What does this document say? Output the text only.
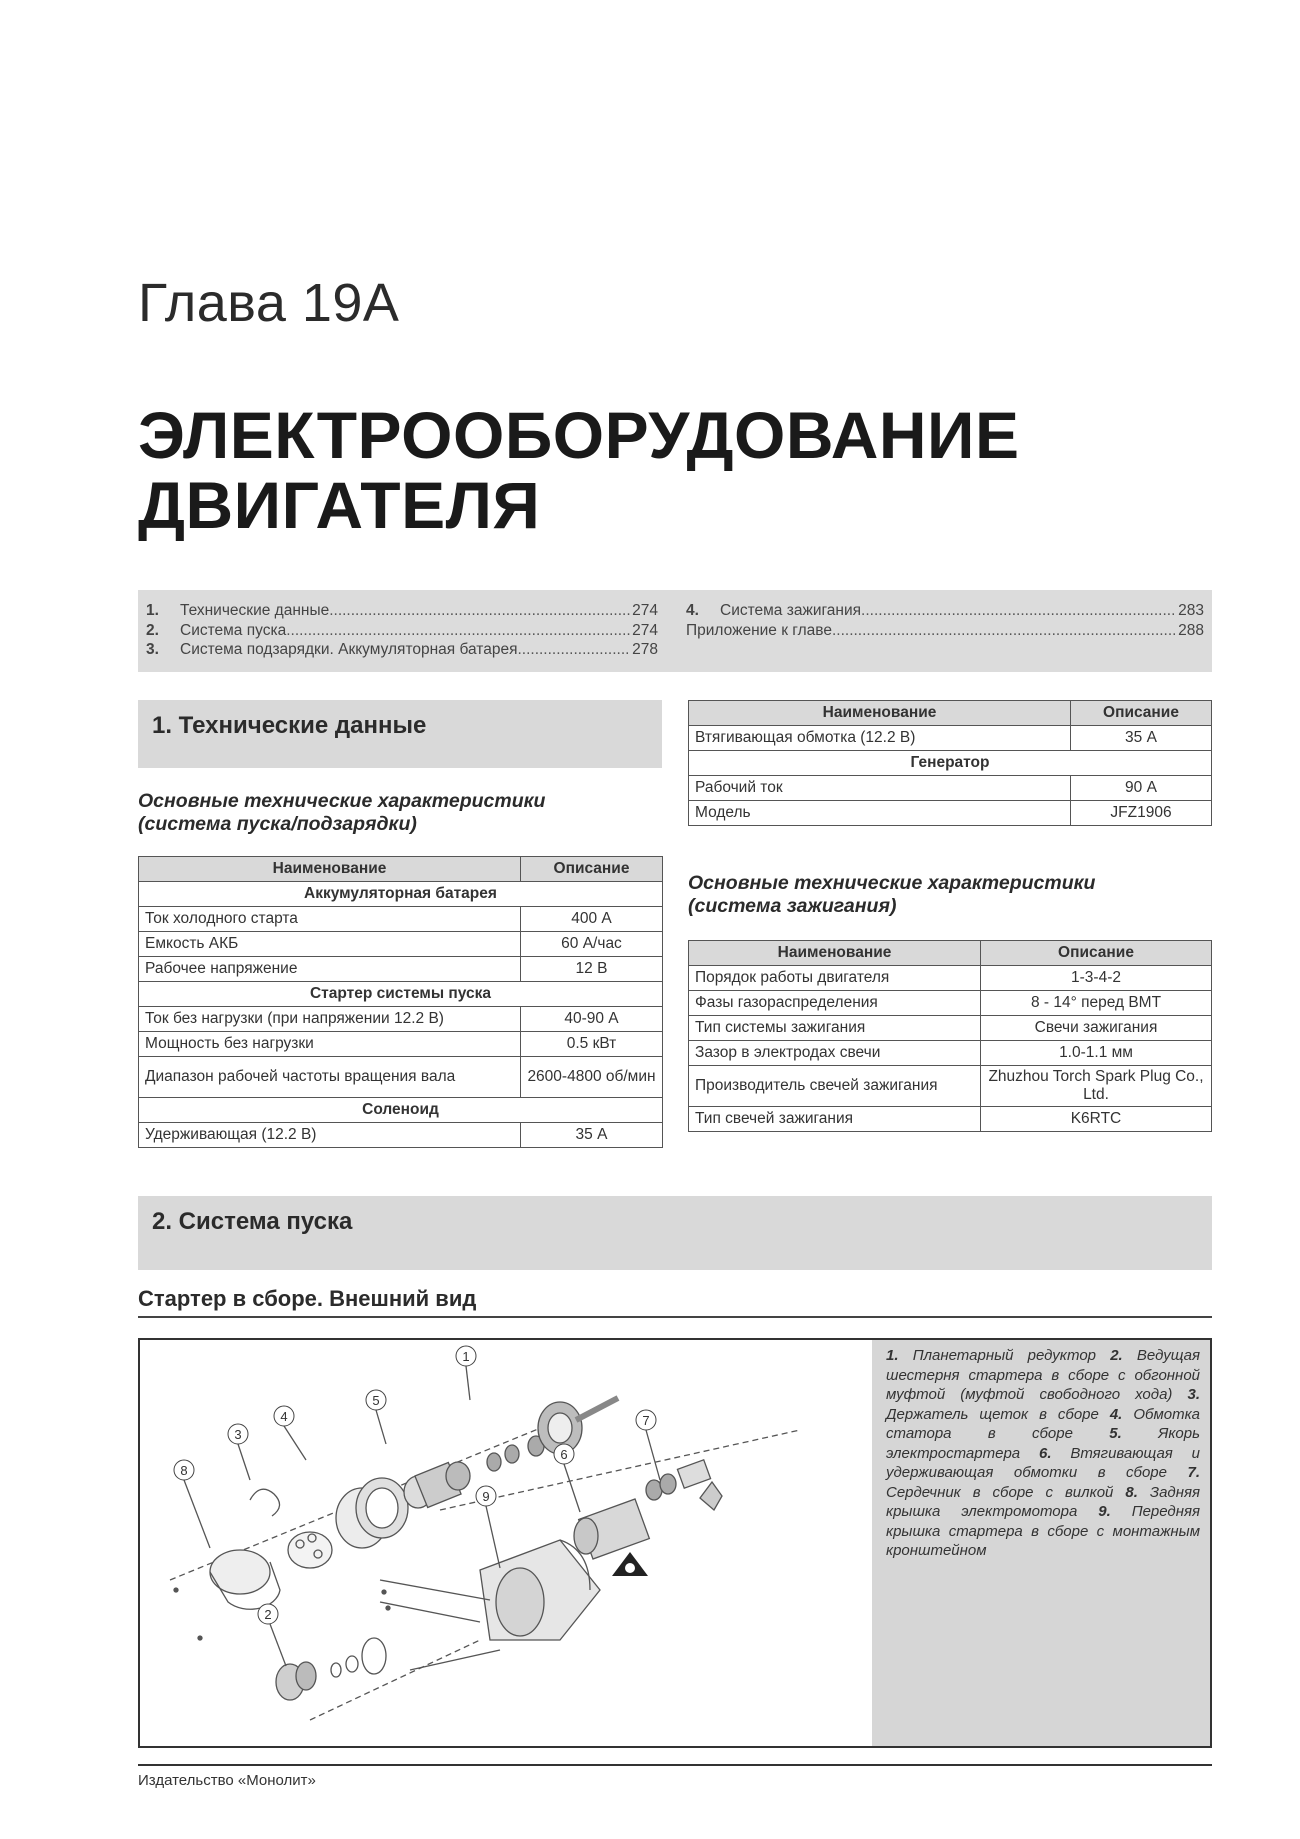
Глава 19А
ЭЛЕКТРООБОРУДОВАНИЕ
ДВИГАТЕЛЯ
1.	Технические данные .....	274
2.	Система пуска .....	274
3.	Система подзарядки. Аккумуляторная батарея .....	278
4.	Система зажигания .....	283
Приложение к главе .....	288
1. Технические данные
Основные технические характеристики
(система пуска/подзарядки)
Наименование	Описание
Аккумуляторная батарея	
Ток холодного старта	400 А
Емкость АКБ	60 А/час
Рабочее напряжение	12 В
Стартер системы пуска	
Ток без нагрузки (при напряжении 12.2 В)	40-90 А
Мощность без нагрузки	0.5 кВт
Диапазон рабочей частоты вращения вала	2600-4800 об/мин
Соленоид	
Удерживающая (12.2 В)	35 А
Наименование	Описание
Втягивающая обмотка (12.2 В)	35 А
Генератор	
Рабочий ток	90 А
Модель	JFZ1906
Основные технические характеристики
(система зажигания)
Наименование	Описание
Порядок работы двигателя	1-3-4-2
Фазы газораспределения	8 - 14° перед ВМТ
Тип системы зажигания	Свечи зажигания
Зазор в электродах свечи	1.0-1.1 мм
Производитель свечей зажигания	Zhuzhou Torch Spark Plug Co., Ltd.
Тип свечей зажигания	K6RTC
2. Система пуска
Стартер в сборе. Внешний вид
1
2
3
4
5
6
7
8
9
1. Планетарный редуктор 2. Ведущая шестерня стартера в сборе с обгонной муфтой (муфтой свободного хода) 3. Держатель щеток в сборе 4. Обмотка статора в сборе 5. Якорь электростартера 6. Втягивающая и удерживающая обмотки в сборе 7. Сердечник в сборе с вилкой 8. Задняя крышка электромотора 9. Передняя крышка стартера в сборе с монтажным кронштейном
Издательство «Монолит»
